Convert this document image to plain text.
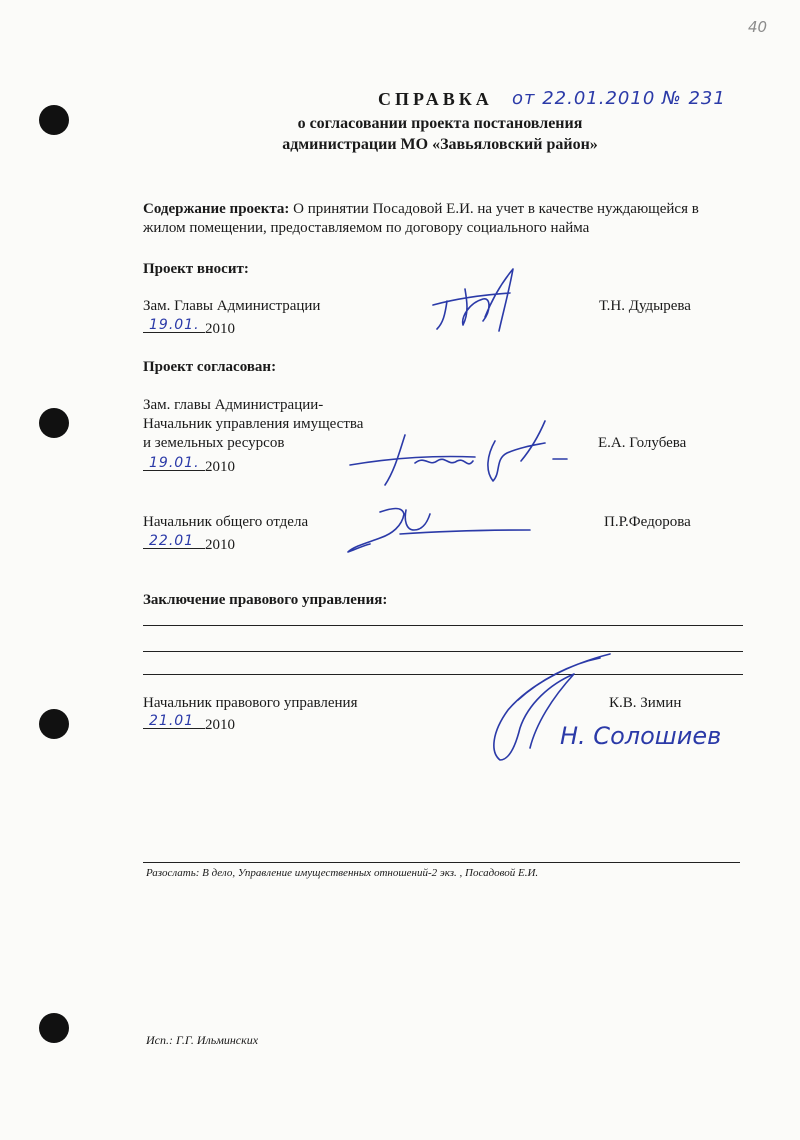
40
СПРАВКА от 22.01.2010 № 231
о согласовании проекта постановления
администрации МО «Завьяловский район»
Содержание проекта: О принятии Посадовой Е.И. на учет в качестве нуждающейся в
жилом помещении, предоставляемом по договору социального найма
Проект вносит:
Зам. Главы Администрации
19.01. 2010
Т.Н. Дудырева
Проект согласован:
Зам. главы Администрации-
Начальник управления имущества
и земельных ресурсов
19.01. 2010
Е.А. Голубева
Начальник общего отдела
22.01 2010
П.Р.Федорова
Заключение правового управления:
Начальник правового управления
21.01 2010
К.В. Зимин
Н. Солошиев
Разослать: В дело, Управление имущественных отношений-2 экз. , Посадовой Е.И.
Исп.: Г.Г. Ильминских
